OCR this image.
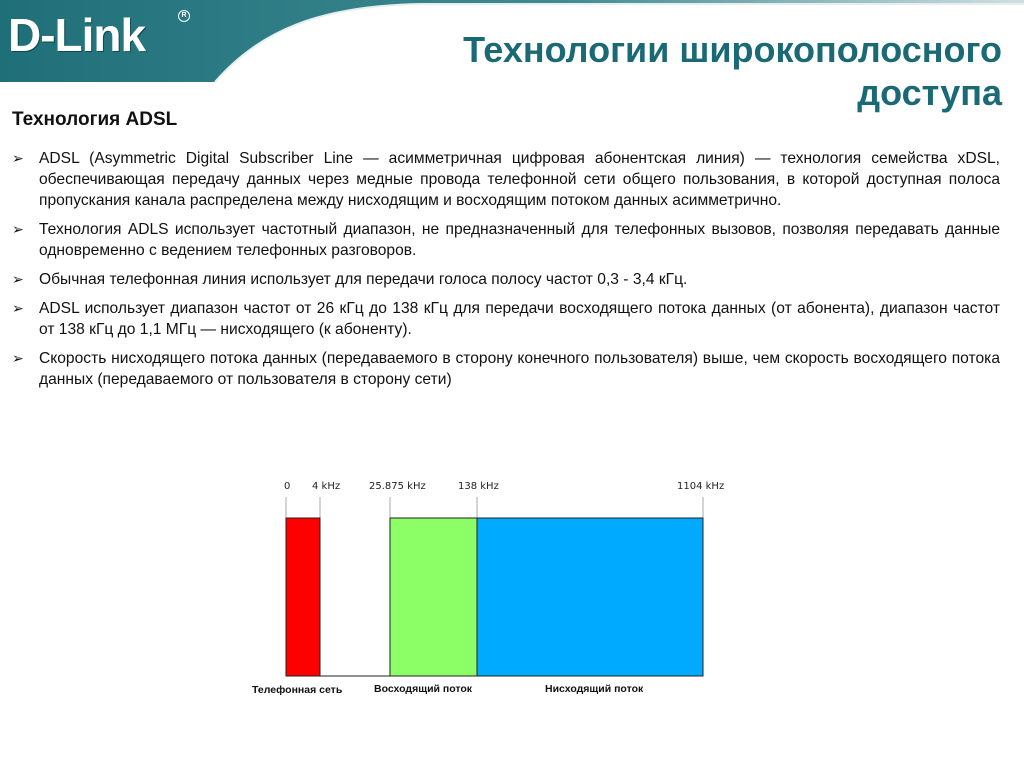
D-Link	R
Технологии широкополосного
доступа
Технология ADSL
➢ ADSL (Asymmetric Digital Subscriber Line — асимметричная цифровая абонентская линия) — технология семейства xDSL, обеспечивающая передачу данных через медные провода телефонной сети общего пользования, в которой доступная полоса пропускания канала распределена между нисходящим и восходящим потоком данных асимметрично.
➢ Технология ADLS использует частотный диапазон, не предназначенный для телефонных вызовов, позволяя передавать данные одновременно с ведением телефонных разговоров.
➢ Обычная телефонная линия использует для передачи голоса полосу частот 0,3 - 3,4 кГц.
➢ ADSL использует диапазон частот от 26 кГц до 138 кГц для передачи восходящего потока данных (от абонента), диапазон частот от 138 кГц до 1,1 МГц — нисходящего (к абоненту).
➢ Скорость нисходящего потока данных (передаваемого в сторону конечного пользователя) выше, чем скорость восходящего потока данных (передаваемого от пользователя в сторону сети)
0 4 kHz	25.875 kHz	138 kHz	1104 kHz
Телефонная сеть	Восходящий поток	Нисходящий поток
